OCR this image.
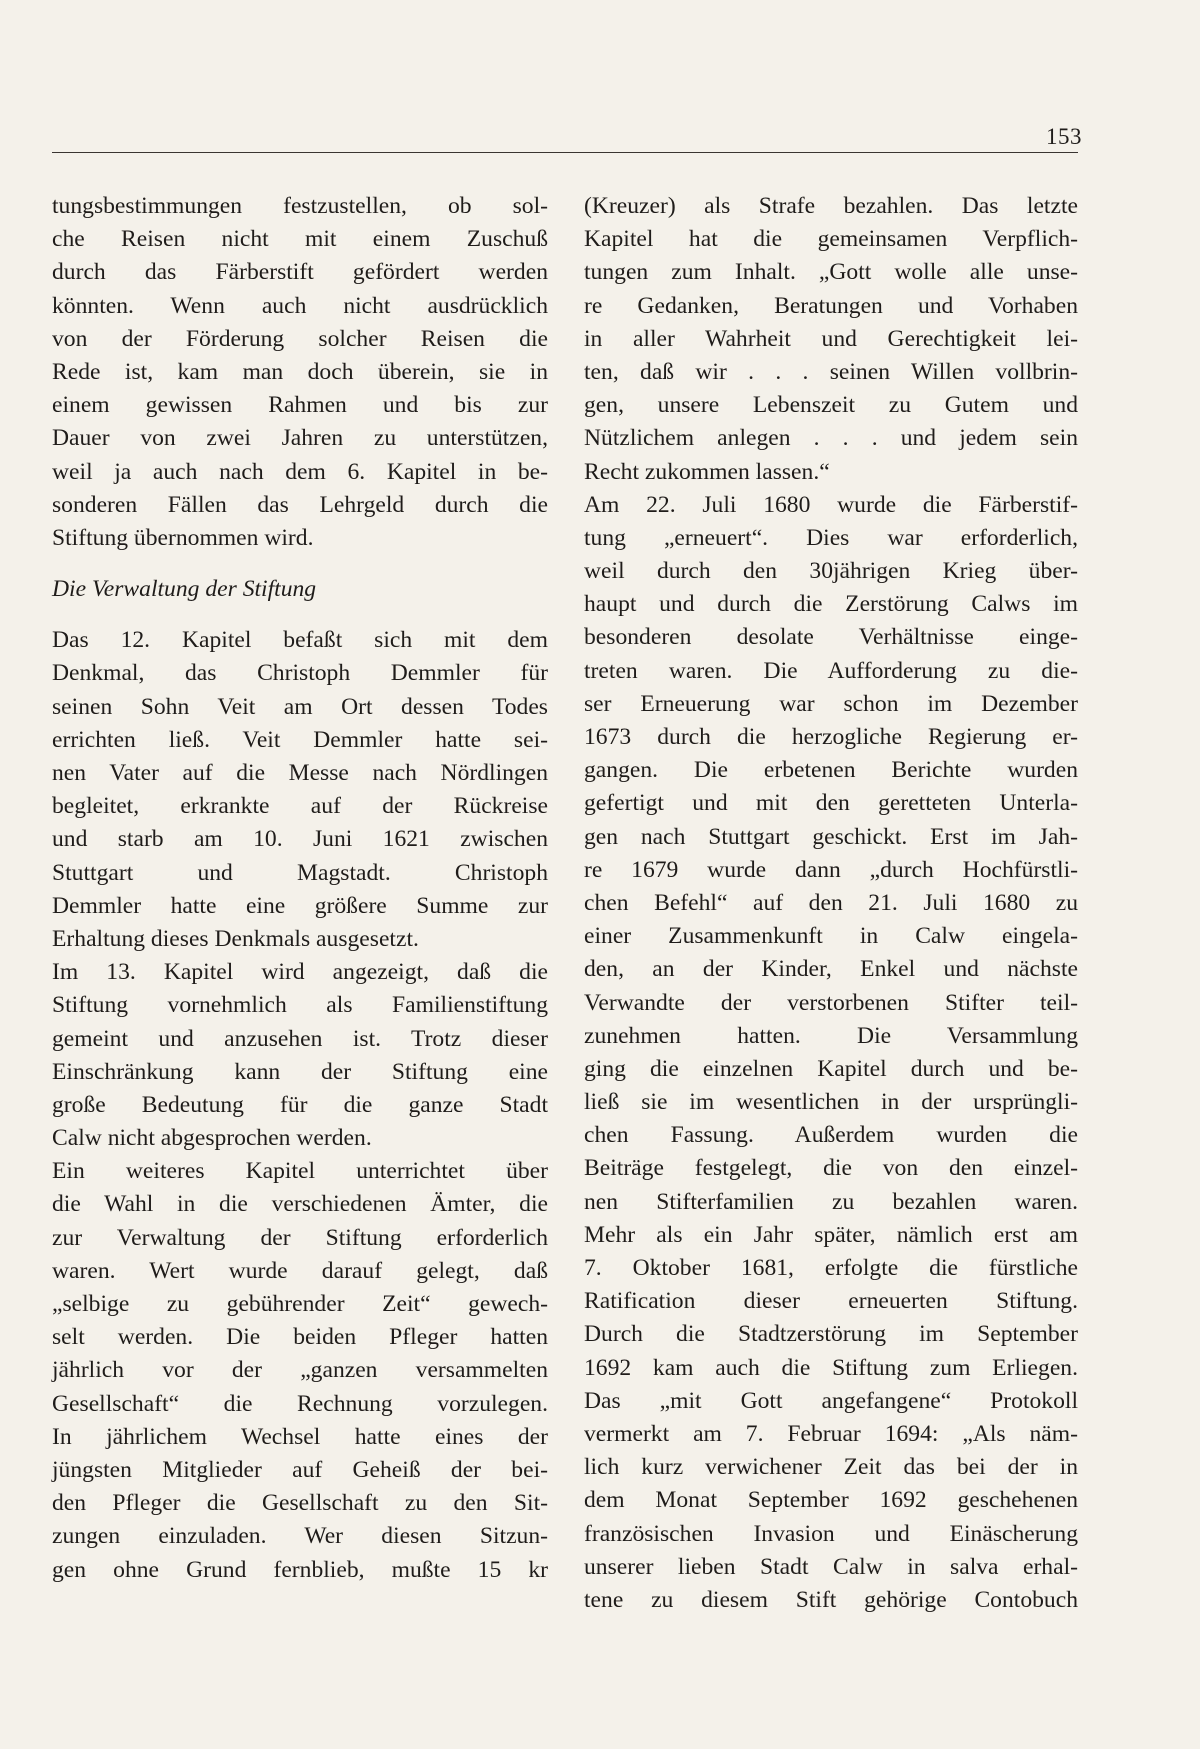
153
tungsbestimmungen festzustellen, ob sol-
che Reisen nicht mit einem Zuschuß
durch das Färberstift gefördert werden
könnten. Wenn auch nicht ausdrücklich
von der Förderung solcher Reisen die
Rede ist, kam man doch überein, sie in
einem gewissen Rahmen und bis zur
Dauer von zwei Jahren zu unterstützen,
weil ja auch nach dem 6. Kapitel in be-
sonderen Fällen das Lehrgeld durch die
Stiftung übernommen wird.
Die Verwaltung der Stiftung
Das 12. Kapitel befaßt sich mit dem
Denkmal, das Christoph Demmler für
seinen Sohn Veit am Ort dessen Todes
errichten ließ. Veit Demmler hatte sei-
nen Vater auf die Messe nach Nördlingen
begleitet, erkrankte auf der Rückreise
und starb am 10. Juni 1621 zwischen
Stuttgart und Magstadt. Christoph
Demmler hatte eine größere Summe zur
Erhaltung dieses Denkmals ausgesetzt.
Im 13. Kapitel wird angezeigt, daß die
Stiftung vornehmlich als Familienstiftung
gemeint und anzusehen ist. Trotz dieser
Einschränkung kann der Stiftung eine
große Bedeutung für die ganze Stadt
Calw nicht abgesprochen werden.
Ein weiteres Kapitel unterrichtet über
die Wahl in die verschiedenen Ämter, die
zur Verwaltung der Stiftung erforderlich
waren. Wert wurde darauf gelegt, daß
„selbige zu gebührender Zeit“ gewech-
selt werden. Die beiden Pfleger hatten
jährlich vor der „ganzen versammelten
Gesellschaft“ die Rechnung vorzulegen.
In jährlichem Wechsel hatte eines der
jüngsten Mitglieder auf Geheiß der bei-
den Pfleger die Gesellschaft zu den Sit-
zungen einzuladen. Wer diesen Sitzun-
gen ohne Grund fernblieb, mußte 15 kr
(Kreuzer) als Strafe bezahlen. Das letzte
Kapitel hat die gemeinsamen Verpflich-
tungen zum Inhalt. „Gott wolle alle unse-
re Gedanken, Beratungen und Vorhaben
in aller Wahrheit und Gerechtigkeit lei-
ten, daß wir . . . seinen Willen vollbrin-
gen, unsere Lebenszeit zu Gutem und
Nützlichem anlegen . . . und jedem sein
Recht zukommen lassen.“
Am 22. Juli 1680 wurde die Färberstif-
tung „erneuert“. Dies war erforderlich,
weil durch den 30jährigen Krieg über-
haupt und durch die Zerstörung Calws im
besonderen desolate Verhältnisse einge-
treten waren. Die Aufforderung zu die-
ser Erneuerung war schon im Dezember
1673 durch die herzogliche Regierung er-
gangen. Die erbetenen Berichte wurden
gefertigt und mit den geretteten Unterla-
gen nach Stuttgart geschickt. Erst im Jah-
re 1679 wurde dann „durch Hochfürstli-
chen Befehl“ auf den 21. Juli 1680 zu
einer Zusammenkunft in Calw eingela-
den, an der Kinder, Enkel und nächste
Verwandte der verstorbenen Stifter teil-
zunehmen hatten. Die Versammlung
ging die einzelnen Kapitel durch und be-
ließ sie im wesentlichen in der ursprüngli-
chen Fassung. Außerdem wurden die
Beiträge festgelegt, die von den einzel-
nen Stifterfamilien zu bezahlen waren.
Mehr als ein Jahr später, nämlich erst am
7. Oktober 1681, erfolgte die fürstliche
Ratification dieser erneuerten Stiftung.
Durch die Stadtzerstörung im September
1692 kam auch die Stiftung zum Erliegen.
Das „mit Gott angefangene“ Protokoll
vermerkt am 7. Februar 1694: „Als näm-
lich kurz verwichener Zeit das bei der in
dem Monat September 1692 geschehenen
französischen Invasion und Einäscherung
unserer lieben Stadt Calw in salva erhal-
tene zu diesem Stift gehörige Contobuch
